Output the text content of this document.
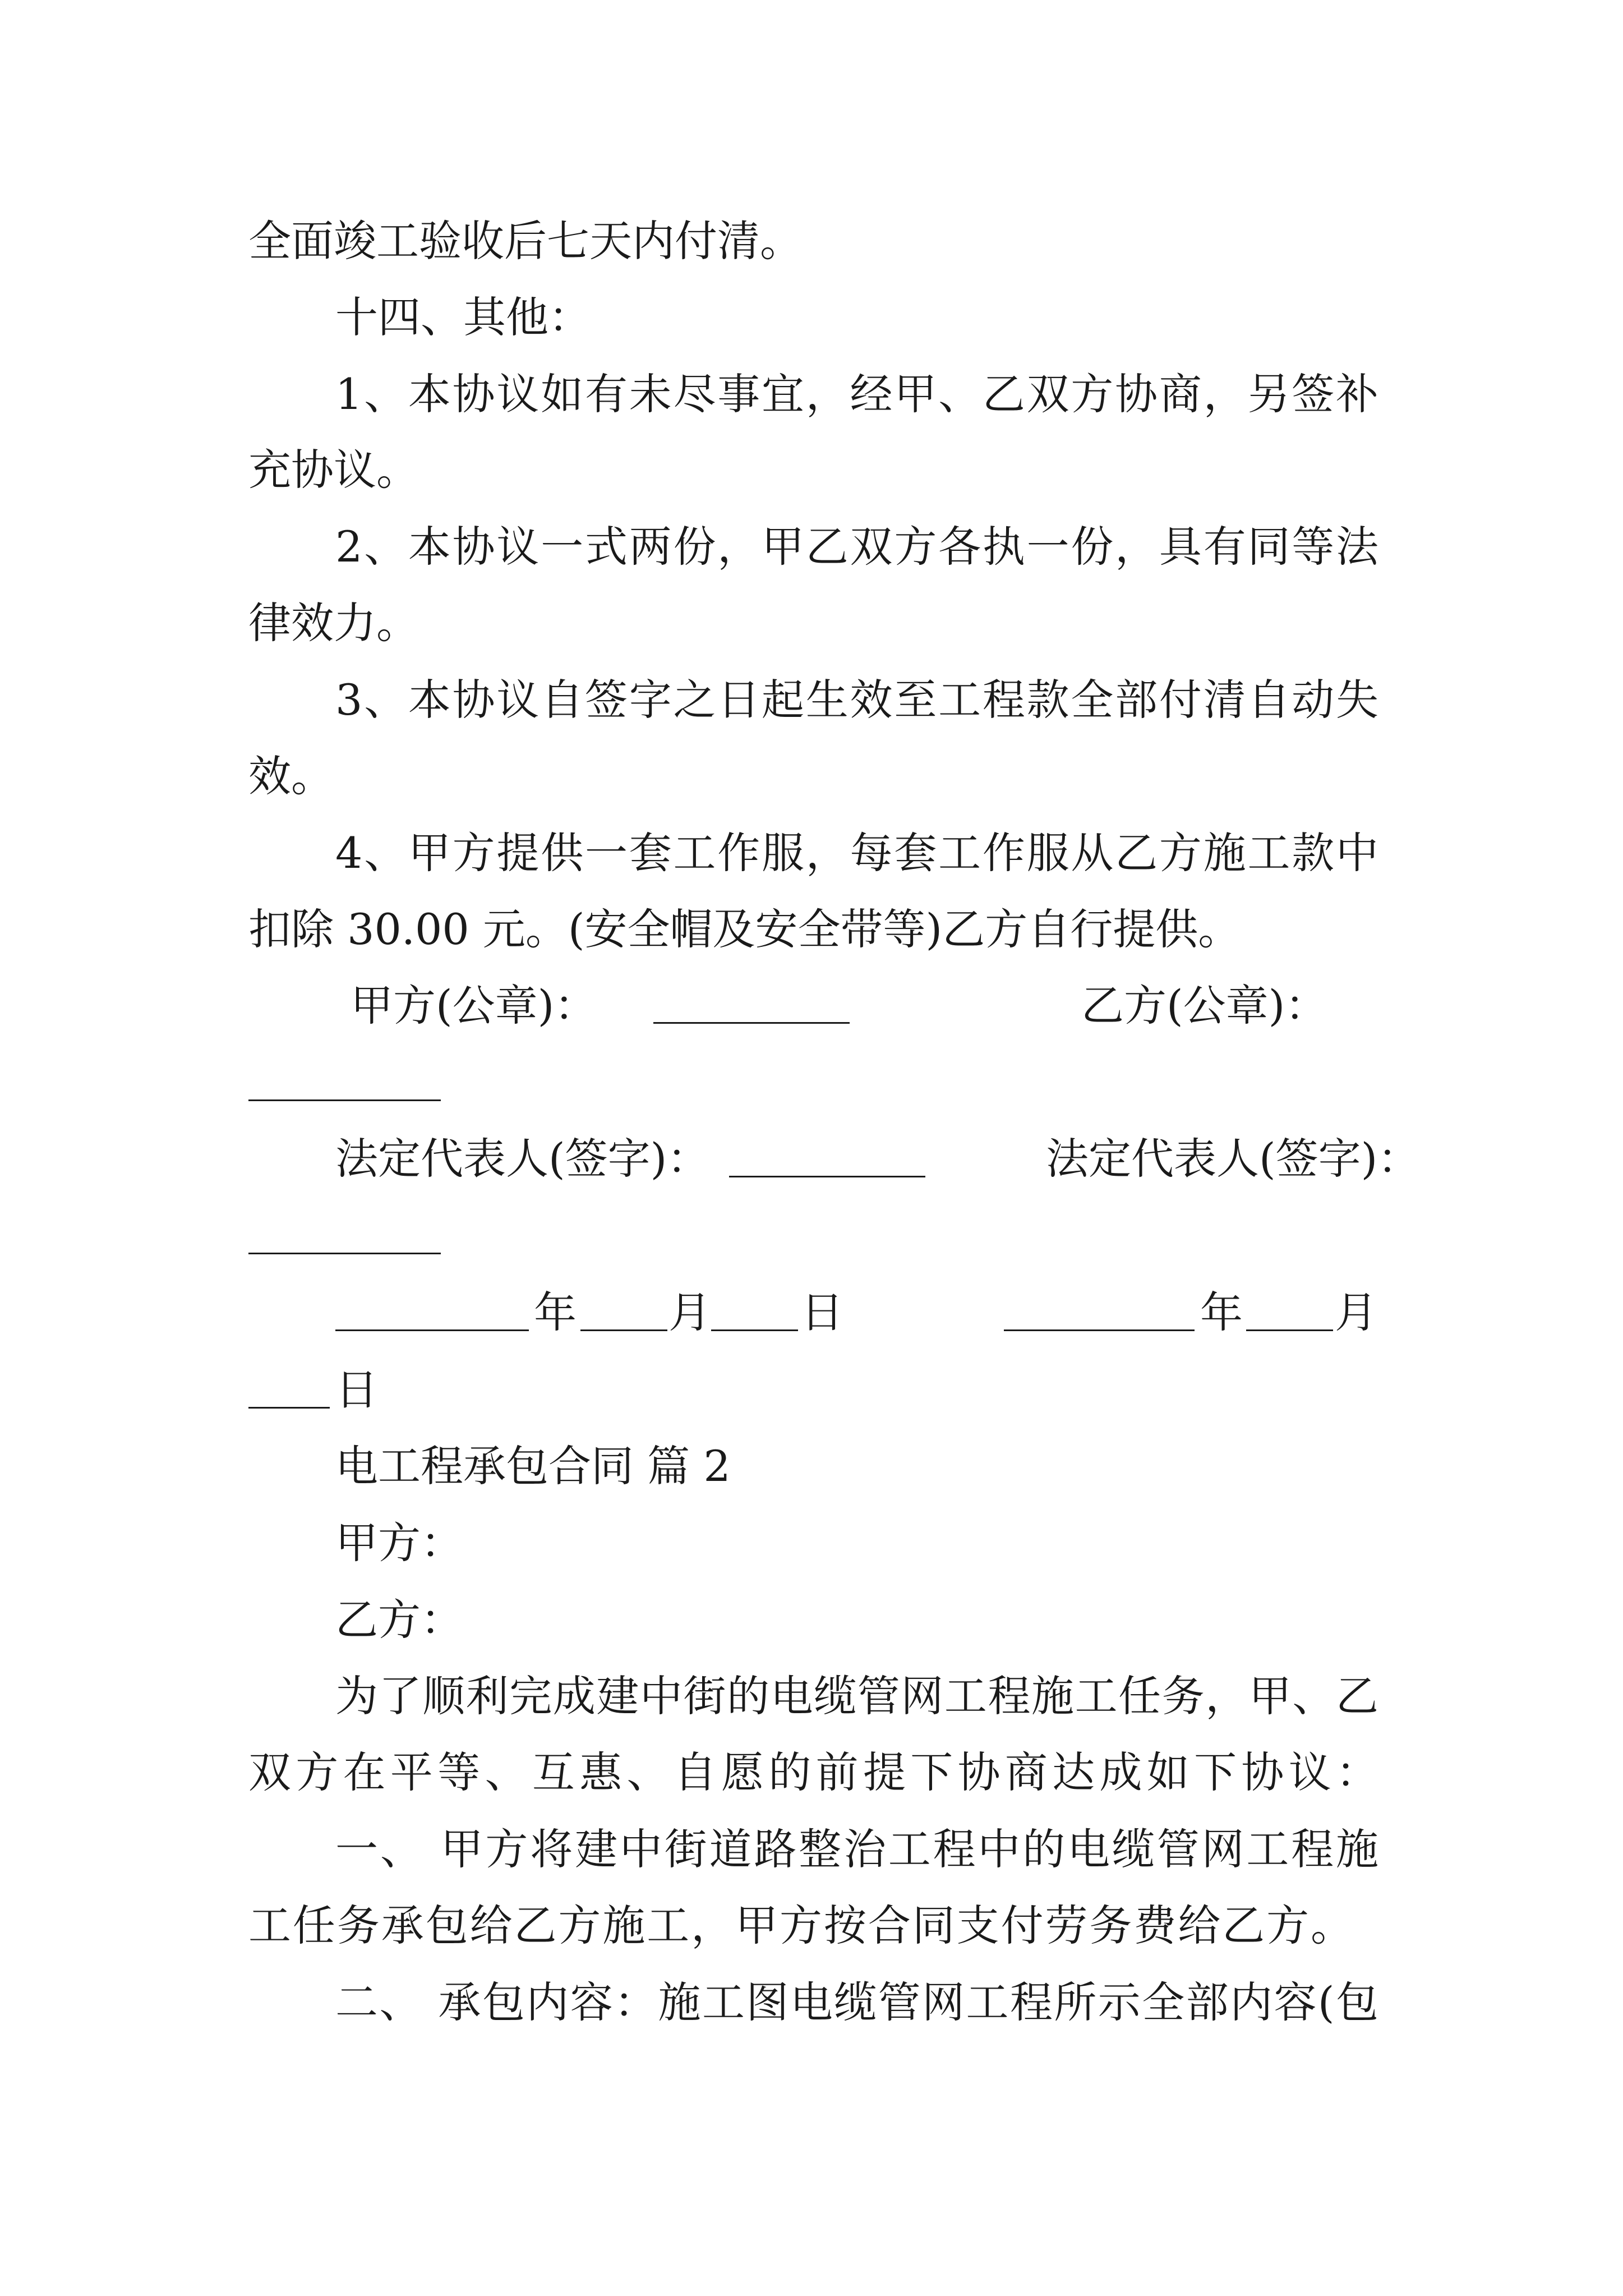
全面竣工验收后七天内付清。
十四、其他：
1、本协议如有未尽事宜，经甲、乙双方协商，另签补
充协议。
2、本协议一式两份，甲乙双方各执一份，具有同等法
律效力。
3、本协议自签字之日起生效至工程款全部付清自动失
效。
4、甲方提供一套工作服，每套工作服从乙方施工款中
扣除 30.00 元。(安全帽及安全带等)乙方自行提供。
甲方(公章)：	乙方(公章)：
法定代表人(签字)：	法定代表人(签字)：
年 月 日	年 月
日
电工程承包合同 篇 2
甲方：
乙方：
为了顺利完成建中街的电缆管网工程施工任务，甲、乙
双方在平等、互惠、自愿的前提下协商达成如下协议：
一、 甲方将建中街道路整治工程中的电缆管网工程施
工任务承包给乙方施工，甲方按合同支付劳务费给乙方。
二、 承包内容：施工图电缆管网工程所示全部内容(包
